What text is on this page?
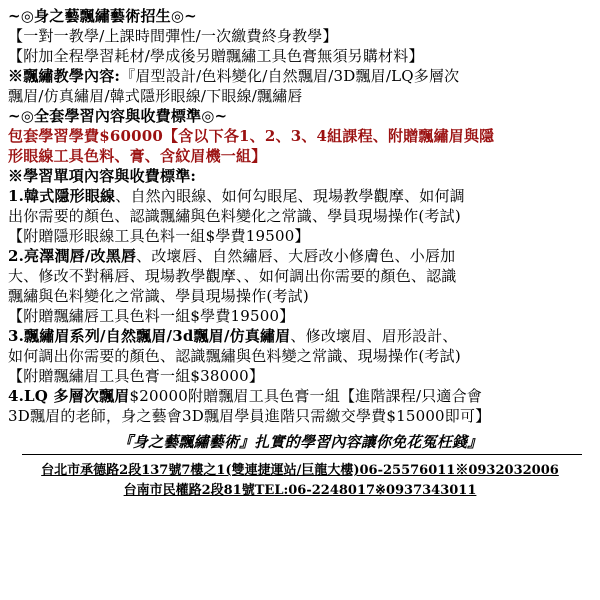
~◎身之藝飄繡藝術招生◎~
【一對一教學/上課時間彈性/一次繳費終身教學】
【附加全程學習耗材/學成後另贈飄繡工具色膏無須另購材料】
※飄繡教學內容:『眉型設計/色料變化/自然飄眉/3D飄眉/LQ多層次
飄眉/仿真繡眉/韓式隱形眼線/下眼線/飄繡唇
~◎全套學習內容與收費標準◎~
包套學習學費$60000【含以下各1、2、3、4組課程、附贈飄繡眉與隱
形眼線工具色料、膏、含紋眉機一組】
※學習單項內容與收費標準:
1.韓式隱形眼線、自然內眼線、如何勾眼尾、現場教學觀摩、如何調
出你需要的顏色、認識飄繡與色料變化之常識、學員現場操作(考試)
【附贈隱形眼線工具色料一組$學費19500】
2.亮澤潤唇/改黑唇、改壞唇、自然繡唇、大唇改小修膚色、小唇加
大、修改不對稱唇、現場教學觀摩、、如何調出你需要的顏色、認識
飄繡與色料變化之常識、學員現場操作(考試)
【附贈飄繡唇工具色料一組$學費19500】
3.飄繡眉系列/自然飄眉/3d飄眉/仿真繡眉、修改壞眉、眉形設計、
如何調出你需要的顏色、認識飄繡與色料變之常識、現場操作(考試)
【附贈飄繡眉工具色膏一組$38000】
4.LQ 多層次飄眉$20000附贈飄眉工具色膏一組【進階課程/只適合會
3D飄眉的老師，身之藝會3D飄眉學員進階只需繳交學費$15000即可】
『身之藝飄繡藝術』扎實的學習內容讓你免花冤枉錢』
台北市承德路2段137號7樓之1(雙連捷運站/巨龍大樓)06-25576011※0932032006
台南市民權路2段81號TEL:06-2248017※0937343011
